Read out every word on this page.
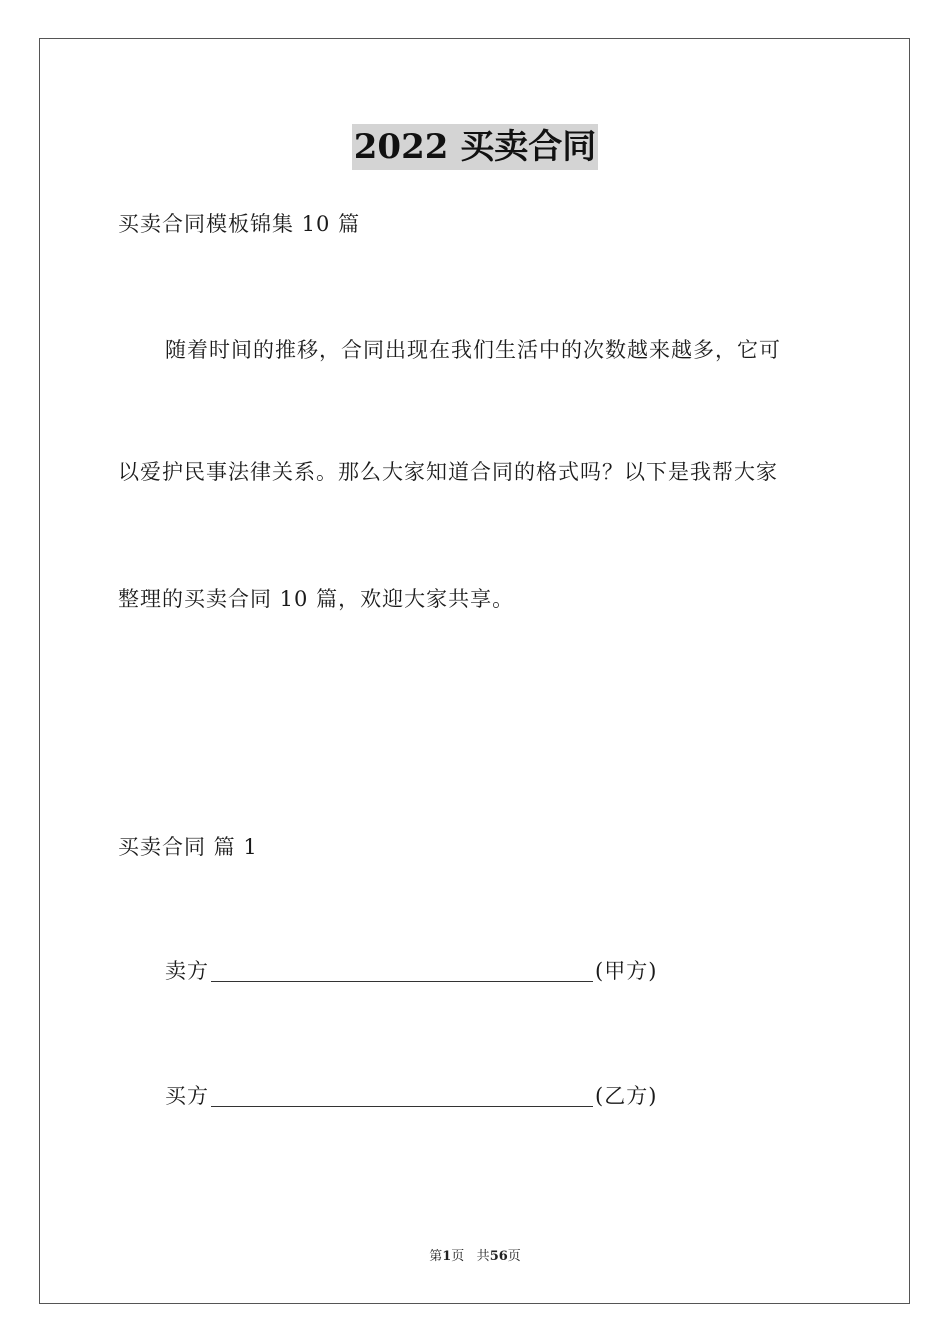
2022 买卖合同
买卖合同模板锦集 10 篇
随着时间的推移，合同出现在我们生活中的次数越来越多，它可
以爱护民事法律关系。那么大家知道合同的格式吗？以下是我帮大家
整理的买卖合同 10 篇，欢迎大家共享。
买卖合同 篇 1
卖方	(甲方)
买方	(乙方)
第1页 共56页
